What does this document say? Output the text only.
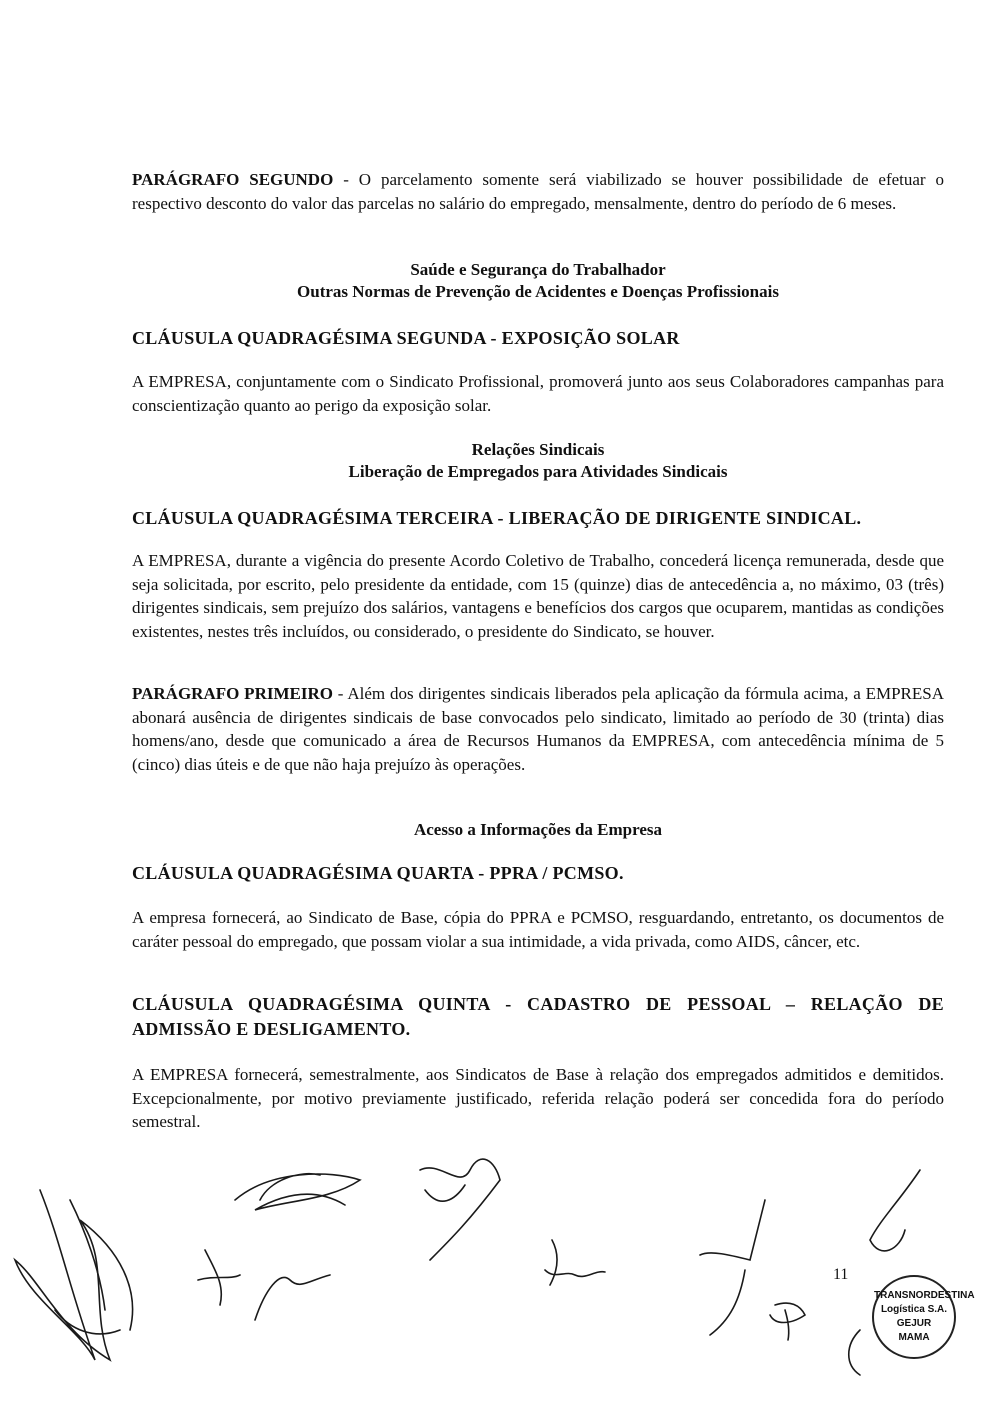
PARÁGRAFO SEGUNDO - O parcelamento somente será viabilizado se houver possibilidade de efetuar o respectivo desconto do valor das parcelas no salário do empregado, mensalmente, dentro do período de 6 meses.
Saúde e Segurança do Trabalhador
Outras Normas de Prevenção de Acidentes e Doenças Profissionais
CLÁUSULA QUADRAGÉSIMA SEGUNDA - EXPOSIÇÃO SOLAR
A EMPRESA, conjuntamente com o Sindicato Profissional, promoverá junto aos seus Colaboradores campanhas para conscientização quanto ao perigo da exposição solar.
Relações Sindicais
Liberação de Empregados para Atividades Sindicais
CLÁUSULA QUADRAGÉSIMA TERCEIRA - LIBERAÇÃO DE DIRIGENTE SINDICAL.
A EMPRESA, durante a vigência do presente Acordo Coletivo de Trabalho, concederá licença remunerada, desde que seja solicitada, por escrito, pelo presidente da entidade, com 15 (quinze) dias de antecedência a, no máximo, 03 (três) dirigentes sindicais, sem prejuízo dos salários, vantagens e benefícios dos cargos que ocuparem, mantidas as condições existentes, nestes três incluídos, ou considerado, o presidente do Sindicato, se houver.
PARÁGRAFO PRIMEIRO - Além dos dirigentes sindicais liberados pela aplicação da fórmula acima, a EMPRESA abonará ausência de dirigentes sindicais de base convocados pelo sindicato, limitado ao período de 30 (trinta) dias homens/ano, desde que comunicado a área de Recursos Humanos da EMPRESA, com antecedência mínima de 5 (cinco) dias úteis e de que não haja prejuízo às operações.
Acesso a Informações da Empresa
CLÁUSULA QUADRAGÉSIMA QUARTA - PPRA / PCMSO.
A empresa fornecerá, ao Sindicato de Base, cópia do PPRA e PCMSO, resguardando, entretanto, os documentos de caráter pessoal do empregado, que possam violar a sua intimidade, a vida privada, como AIDS, câncer, etc.
CLÁUSULA QUADRAGÉSIMA QUINTA - CADASTRO DE PESSOAL – RELAÇÃO DE ADMISSÃO E DESLIGAMENTO.
A EMPRESA fornecerá, semestralmente, aos Sindicatos de Base à relação dos empregados admitidos e demitidos. Excepcionalmente, por motivo previamente justificado, referida relação poderá ser concedida fora do período semestral.
11
TRANSNORDESTINA
Logística S.A.
GEJUR
MAMA
